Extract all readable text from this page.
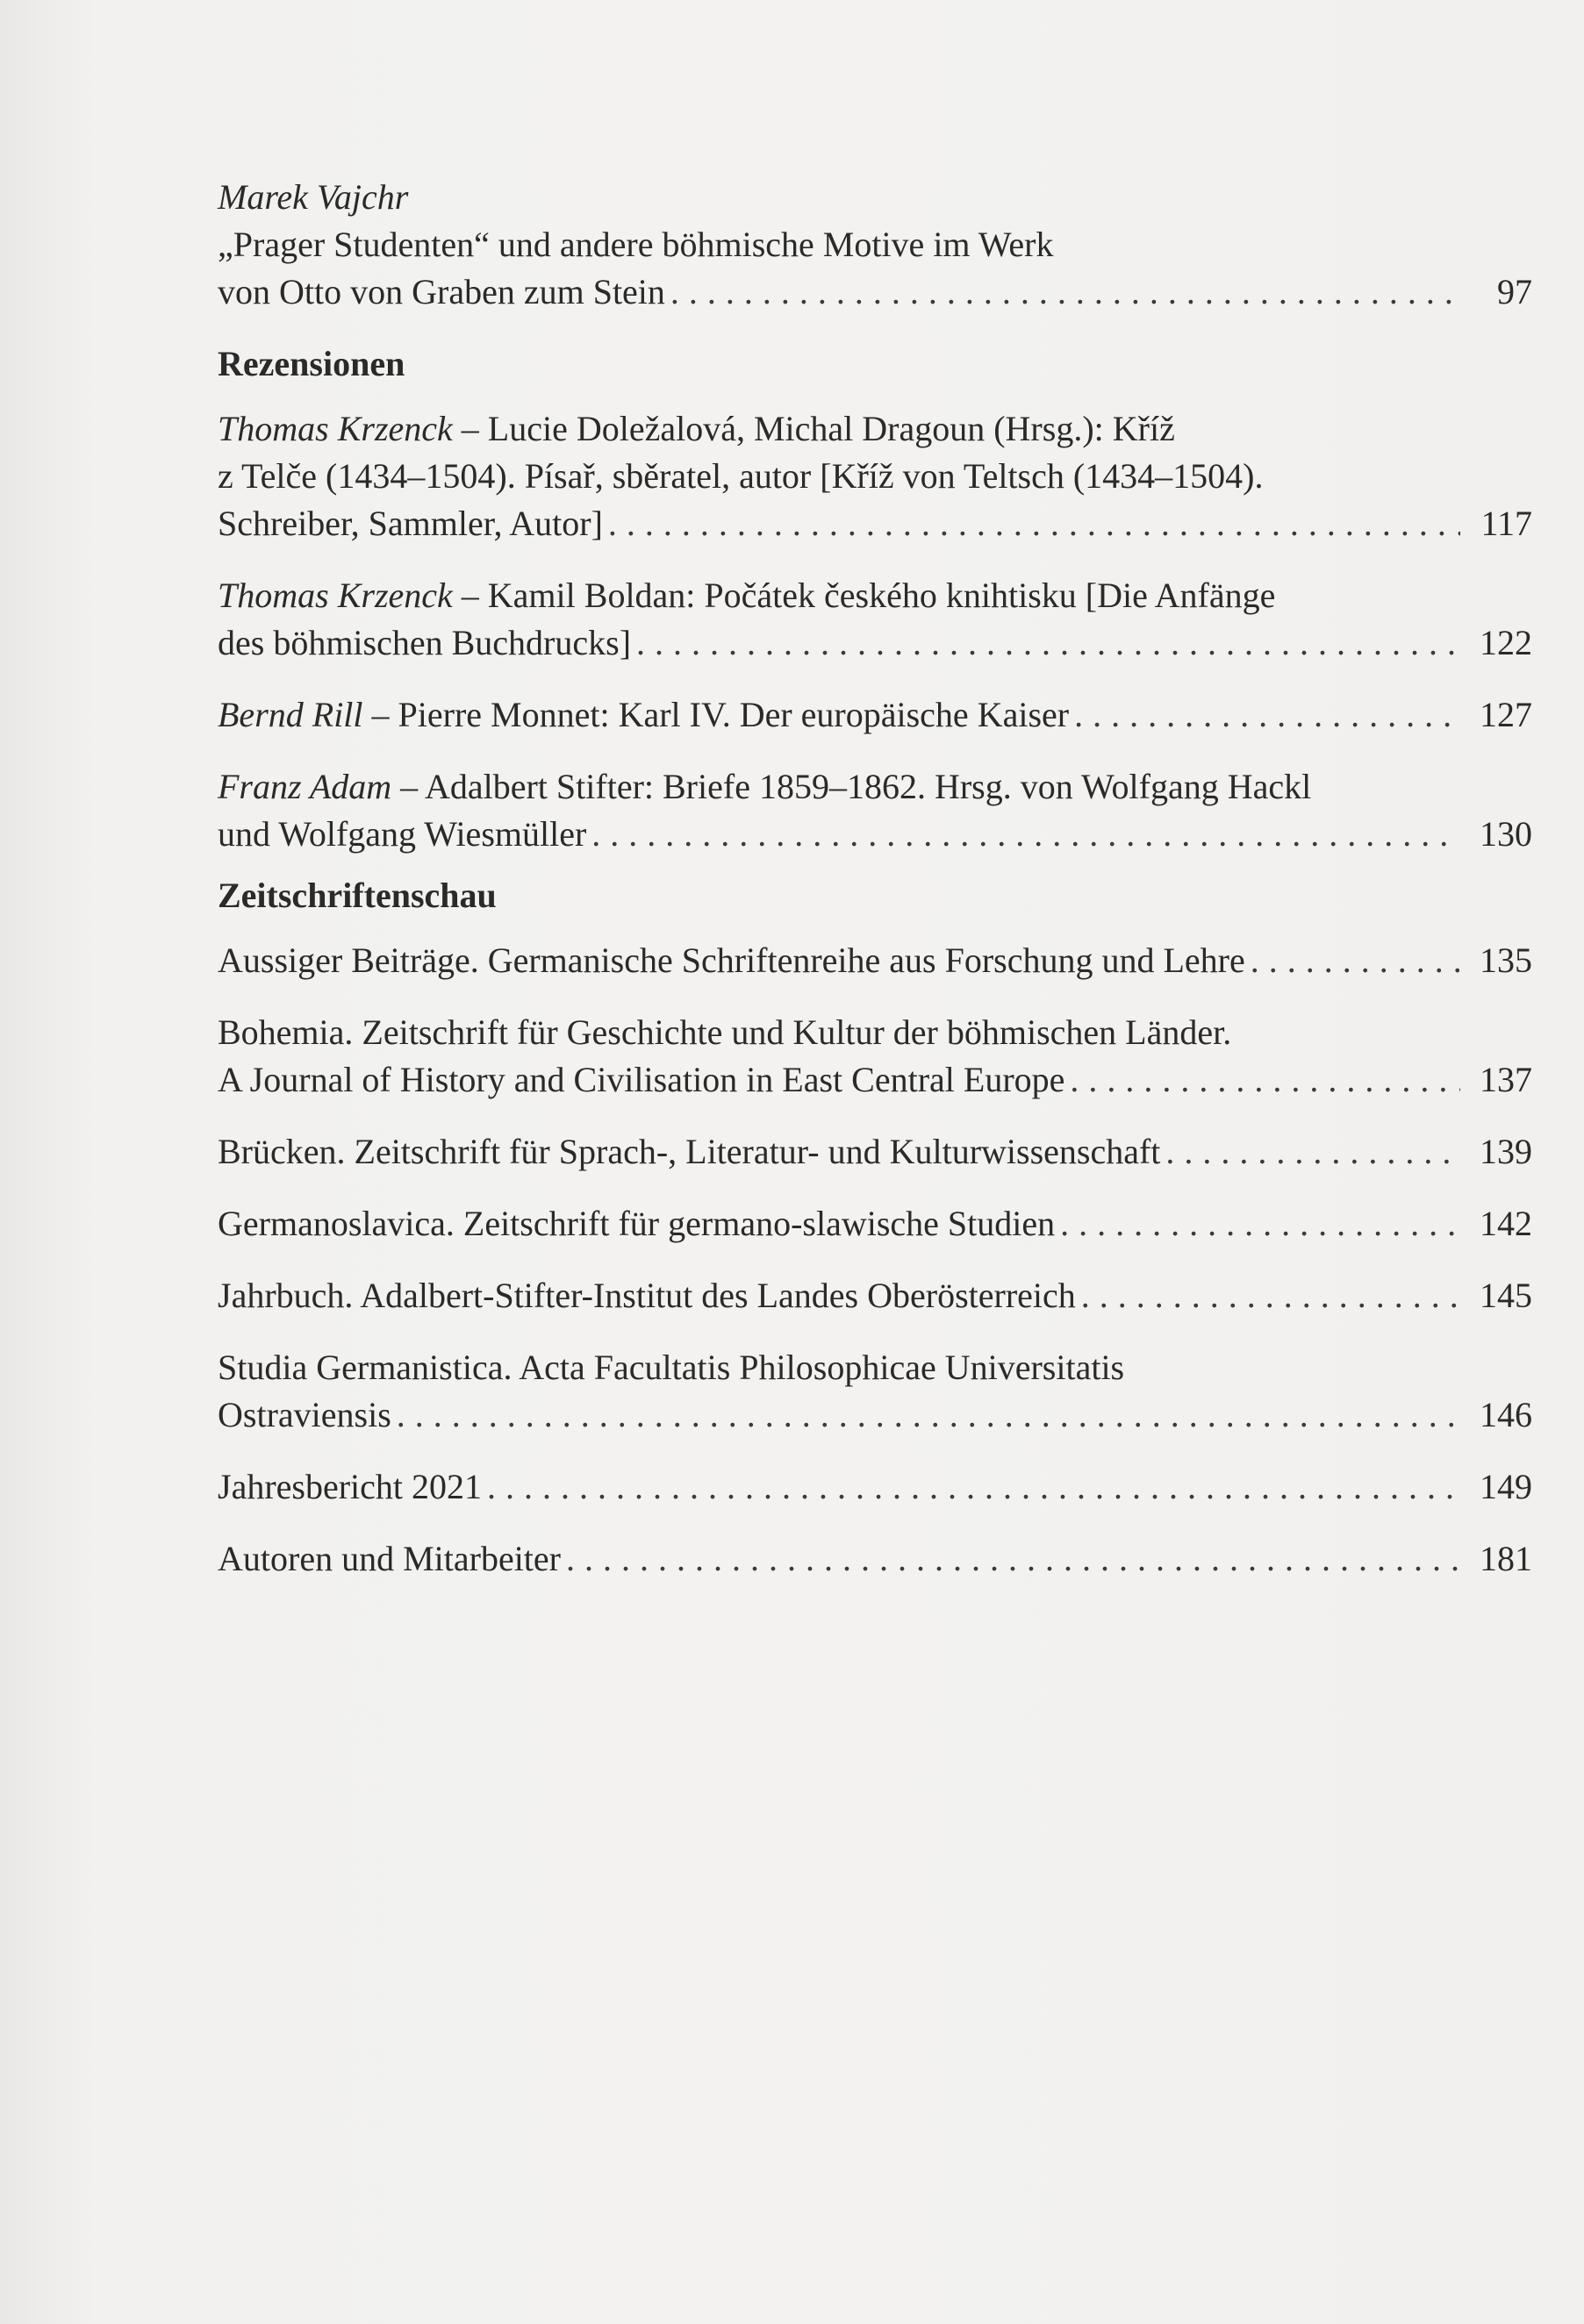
Marek Vajchr
„Prager Studenten“ und andere böhmische Motive im Werk
von Otto von Graben zum Stein . . .	97
Rezensionen
Thomas Krzenck – Lucie Doležalová, Michal Dragoun (Hrsg.): Kříž
z Telče (1434–1504). Písař, sběratel, autor [Kříž von Teltsch (1434–1504).
Schreiber, Sammler, Autor] . . .	117
Thomas Krzenck – Kamil Boldan: Počátek českého knihtisku [Die Anfänge
des böhmischen Buchdrucks] . . .	122
Bernd Rill – Pierre Monnet: Karl IV. Der europäische Kaiser . . .	127
Franz Adam – Adalbert Stifter: Briefe 1859–1862. Hrsg. von Wolfgang Hackl
und Wolfgang Wiesmüller . . .	130
Zeitschriftenschau
Aussiger Beiträge. Germanische Schriftenreihe aus Forschung und Lehre . . .	135
Bohemia. Zeitschrift für Geschichte und Kultur der böhmischen Länder.
A Journal of History and Civilisation in East Central Europe . . .	137
Brücken. Zeitschrift für Sprach-, Literatur- und Kulturwissenschaft . . .	139
Germanoslavica. Zeitschrift für germano-slawische Studien . . .	142
Jahrbuch. Adalbert-Stifter-Institut des Landes Oberösterreich . . .	145
Studia Germanistica. Acta Facultatis Philosophicae Universitatis
Ostraviensis . . .	146
Jahresbericht 2021 . . .	149
Autoren und Mitarbeiter . . .	181
